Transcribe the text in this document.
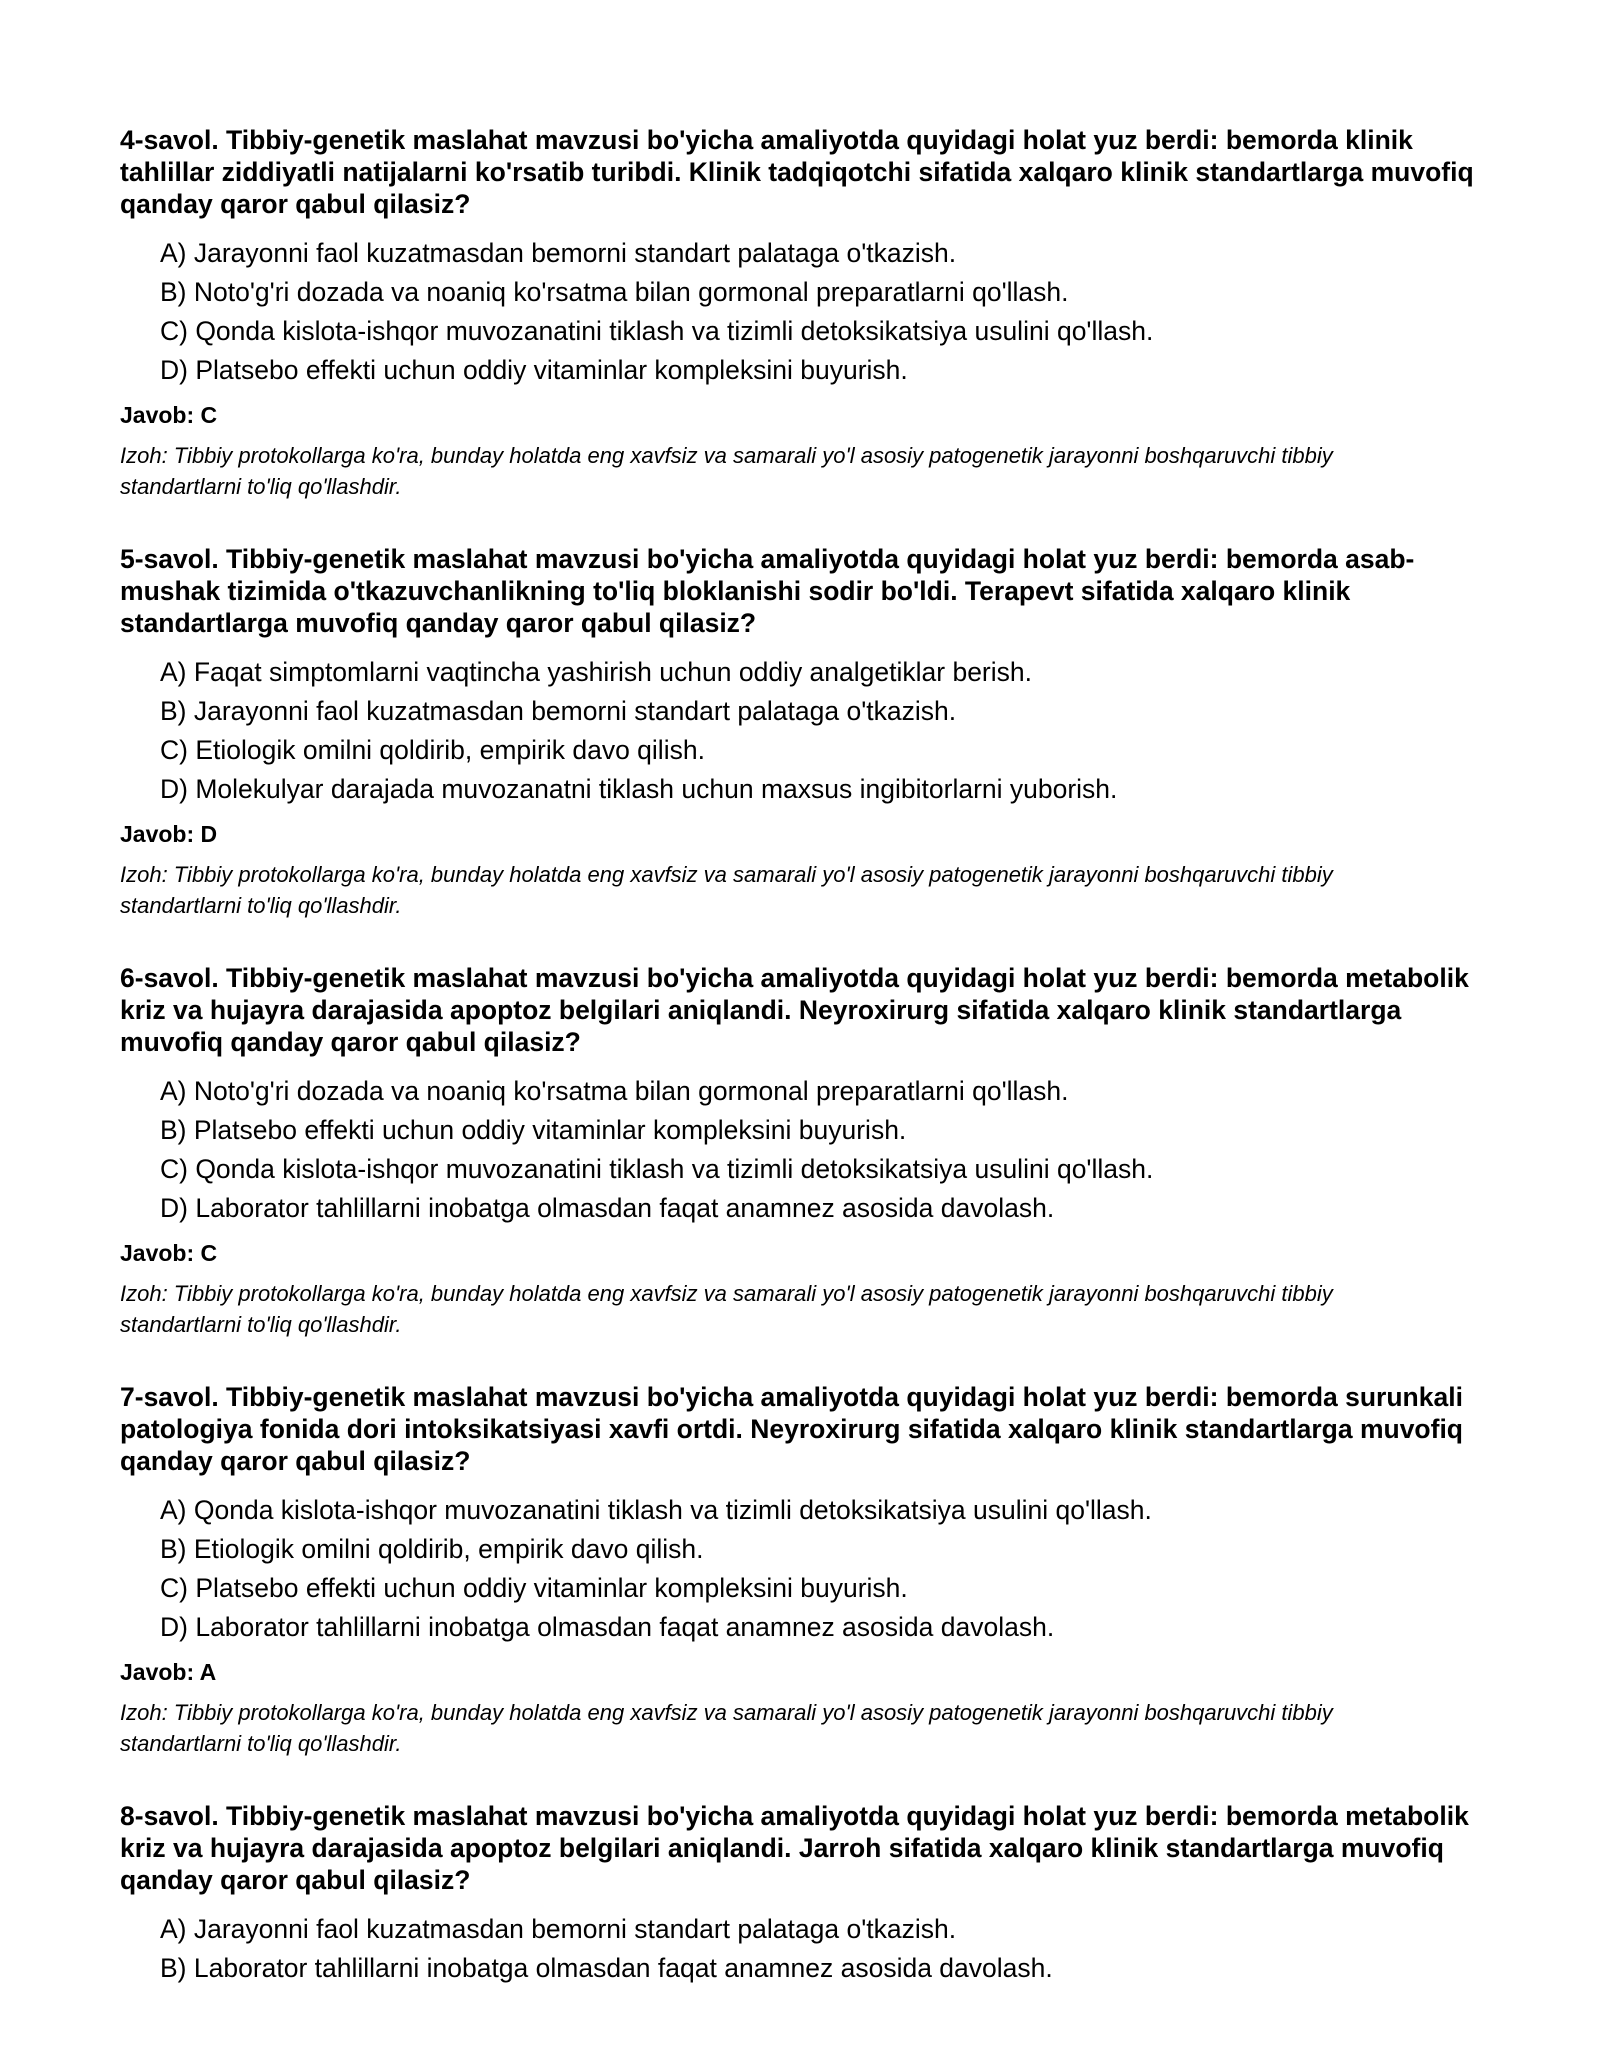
4-savol. Tibbiy-genetik maslahat mavzusi bo'yicha amaliyotda quyidagi holat yuz berdi: bemorda klinik tahlillar ziddiyatli natijalarni ko'rsatib turibdi. Klinik tadqiqotchi sifatida xalqaro klinik standartlarga muvofiq qanday qaror qabul qilasiz?

A) Jarayonni faol kuzatmasdan bemorni standart palataga o'tkazish.
B) Noto'g'ri dozada va noaniq ko'rsatma bilan gormonal preparatlarni qo'llash.
C) Qonda kislota-ishqor muvozanatini tiklash va tizimli detoksikatsiya usulini qo'llash.
D) Platsebo effekti uchun oddiy vitaminlar kompleksini buyurish.

Javob: C

Izoh: Tibbiy protokollarga ko'ra, bunday holatda eng xavfsiz va samarali yo'l asosiy patogenetik jarayonni boshqaruvchi tibbiy standartlarni to'liq qo'llashdir.

5-savol. Tibbiy-genetik maslahat mavzusi bo'yicha amaliyotda quyidagi holat yuz berdi: bemorda asab-mushak tizimida o'tkazuvchanlikning to'liq bloklanishi sodir bo'ldi. Terapevt sifatida xalqaro klinik standartlarga muvofiq qanday qaror qabul qilasiz?

A) Faqat simptomlarni vaqtincha yashirish uchun oddiy analgetiklar berish.
B) Jarayonni faol kuzatmasdan bemorni standart palataga o'tkazish.
C) Etiologik omilni qoldirib, empirik davo qilish.
D) Molekulyar darajada muvozanatni tiklash uchun maxsus ingibitorlarni yuborish.

Javob: D

Izoh: Tibbiy protokollarga ko'ra, bunday holatda eng xavfsiz va samarali yo'l asosiy patogenetik jarayonni boshqaruvchi tibbiy standartlarni to'liq qo'llashdir.

6-savol. Tibbiy-genetik maslahat mavzusi bo'yicha amaliyotda quyidagi holat yuz berdi: bemorda metabolik kriz va hujayra darajasida apoptoz belgilari aniqlandi. Neyroxirurg sifatida xalqaro klinik standartlarga muvofiq qanday qaror qabul qilasiz?

A) Noto'g'ri dozada va noaniq ko'rsatma bilan gormonal preparatlarni qo'llash.
B) Platsebo effekti uchun oddiy vitaminlar kompleksini buyurish.
C) Qonda kislota-ishqor muvozanatini tiklash va tizimli detoksikatsiya usulini qo'llash.
D) Laborator tahlillarni inobatga olmasdan faqat anamnez asosida davolash.

Javob: C

Izoh: Tibbiy protokollarga ko'ra, bunday holatda eng xavfsiz va samarali yo'l asosiy patogenetik jarayonni boshqaruvchi tibbiy standartlarni to'liq qo'llashdir.

7-savol. Tibbiy-genetik maslahat mavzusi bo'yicha amaliyotda quyidagi holat yuz berdi: bemorda surunkali patologiya fonida dori intoksikatsiyasi xavfi ortdi. Neyroxirurg sifatida xalqaro klinik standartlarga muvofiq qanday qaror qabul qilasiz?

A) Qonda kislota-ishqor muvozanatini tiklash va tizimli detoksikatsiya usulini qo'llash.
B) Etiologik omilni qoldirib, empirik davo qilish.
C) Platsebo effekti uchun oddiy vitaminlar kompleksini buyurish.
D) Laborator tahlillarni inobatga olmasdan faqat anamnez asosida davolash.

Javob: A

Izoh: Tibbiy protokollarga ko'ra, bunday holatda eng xavfsiz va samarali yo'l asosiy patogenetik jarayonni boshqaruvchi tibbiy standartlarni to'liq qo'llashdir.

8-savol. Tibbiy-genetik maslahat mavzusi bo'yicha amaliyotda quyidagi holat yuz berdi: bemorda metabolik kriz va hujayra darajasida apoptoz belgilari aniqlandi. Jarroh sifatida xalqaro klinik standartlarga muvofiq qanday qaror qabul qilasiz?

A) Jarayonni faol kuzatmasdan bemorni standart palataga o'tkazish.
B) Laborator tahlillarni inobatga olmasdan faqat anamnez asosida davolash.
